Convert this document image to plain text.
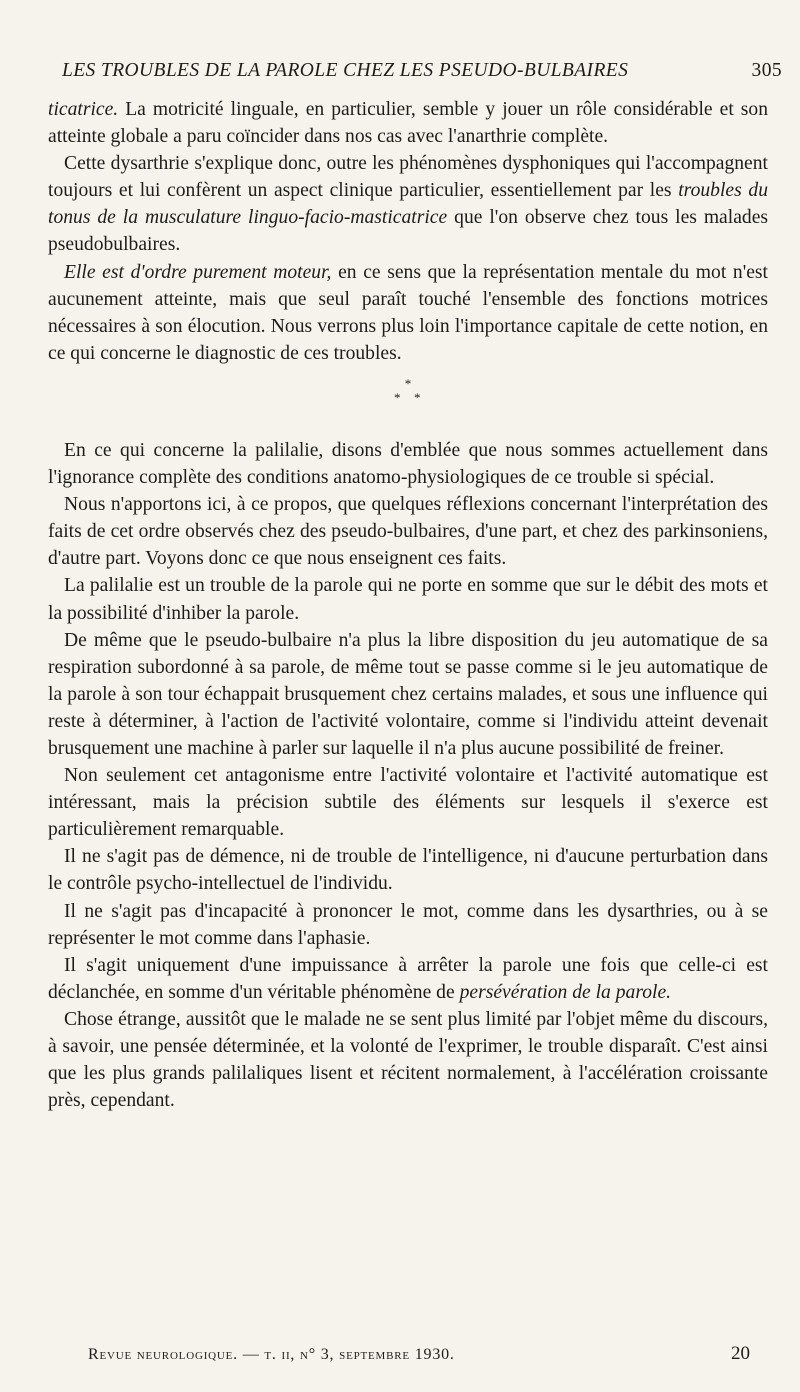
LES TROUBLES DE LA PAROLE CHEZ LES PSEUDO-BULBAIRES	305

ticatrice. La motricité linguale, en particulier, semble y jouer un rôle considérable et son atteinte globale a paru coïncider dans nos cas avec l'anarthrie complète.

Cette dysarthrie s'explique donc, outre les phénomènes dysphoniques qui l'accompagnent toujours et lui confèrent un aspect clinique particulier, essentiellement par les troubles du tonus de la musculature linguo-facio-masticatrice que l'on observe chez tous les malades pseudobulbaires.

Elle est d'ordre purement moteur, en ce sens que la représentation mentale du mot n'est aucunement atteinte, mais que seul paraît touché l'ensemble des fonctions motrices nécessaires à son élocution. Nous verrons plus loin l'importance capitale de cette notion, en ce qui concerne le diagnostic de ces troubles.

*
* *

En ce qui concerne la palilalie, disons d'emblée que nous sommes actuellement dans l'ignorance complète des conditions anatomo-physiologiques de ce trouble si spécial.

Nous n'apportons ici, à ce propos, que quelques réflexions concernant l'interprétation des faits de cet ordre observés chez des pseudo-bulbaires, d'une part, et chez des parkinsoniens, d'autre part. Voyons donc ce que nous enseignent ces faits.

La palilalie est un trouble de la parole qui ne porte en somme que sur le débit des mots et la possibilité d'inhiber la parole.

De même que le pseudo-bulbaire n'a plus la libre disposition du jeu automatique de sa respiration subordonné à sa parole, de même tout se passe comme si le jeu automatique de la parole à son tour échappait brusquement chez certains malades, et sous une influence qui reste à déterminer, à l'action de l'activité volontaire, comme si l'individu atteint devenait brusquement une machine à parler sur laquelle il n'a plus aucune possibilité de freiner.

Non seulement cet antagonisme entre l'activité volontaire et l'activité automatique est intéressant, mais la précision subtile des éléments sur lesquels il s'exerce est particulièrement remarquable.

Il ne s'agit pas de démence, ni de trouble de l'intelligence, ni d'aucune perturbation dans le contrôle psycho-intellectuel de l'individu.

Il ne s'agit pas d'incapacité à prononcer le mot, comme dans les dysarthries, ou à se représenter le mot comme dans l'aphasie.

Il s'agit uniquement d'une impuissance à arrêter la parole une fois que celle-ci est déclanchée, en somme d'un véritable phénomène de persévération de la parole.

Chose étrange, aussitôt que le malade ne se sent plus limité par l'objet même du discours, à savoir, une pensée déterminée, et la volonté de l'exprimer, le trouble disparaît. C'est ainsi que les plus grands palilaliques lisent et récitent normalement, à l'accélération croissante près, cependant.

Revue neurologique. — t. ii, n° 3, septembre 1930.	20
